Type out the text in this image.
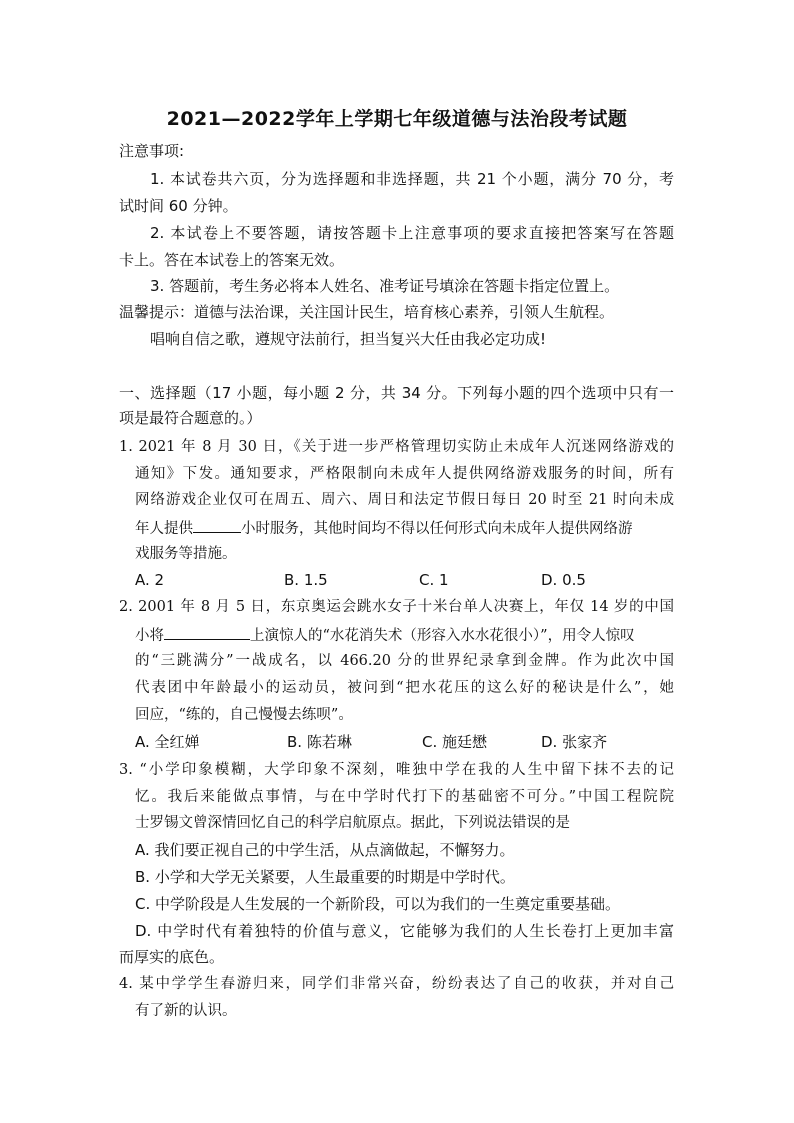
2021—2022学年上学期七年级道德与法治段考试题
注意事项:
1. 本试卷共六页，分为选择题和非选择题，共 21 个小题，满分 70 分，考
试时间 60 分钟。
2. 本试卷上不要答题，请按答题卡上注意事项的要求直接把答案写在答题
卡上。答在本试卷上的答案无效。
3. 答题前，考生务必将本人姓名、准考证号填涂在答题卡指定位置上。
温馨提示：道德与法治课，关注国计民生，培育核心素养，引领人生航程。
唱响自信之歌，遵规守法前行，担当复兴大任由我必定功成!
一、选择题（17 小题，每小题 2 分，共 34 分。下列每小题的四个选项中只有一
项是最符合题意的。）
1. 2021 年 8 月 30 日，《关于进一步严格管理切实防止未成年人沉迷网络游戏的
通知》下发。通知要求，严格限制向未成年人提供网络游戏服务的时间，所有
网络游戏企业仅可在周五、周六、周日和法定节假日每日 20 时至 21 时向未成
年人提供	小时服务，其他时间均不得以任何形式向未成年人提供网络游
戏服务等措施。
A. 2	B. 1.5	C. 1	D. 0.5
2. 2001 年 8 月 5 日，东京奥运会跳水女子十米台单人决赛上，年仅 14 岁的中国
小将	上演惊人的“水花消失术（形容入水水花很小）”，用令人惊叹
的“三跳满分”一战成名，以 466.20 分的世界纪录拿到金牌。作为此次中国
代表团中年龄最小的运动员，被问到“把水花压的这么好的秘诀是什么”，她
回应，“练的，自己慢慢去练呗”。
A. 全红婵	B. 陈若琳	C. 施廷懋	D. 张家齐
3. “小学印象模糊，大学印象不深刻，唯独中学在我的人生中留下抹不去的记
忆。我后来能做点事情，与在中学时代打下的基础密不可分。”中国工程院院
士罗锡文曾深情回忆自己的科学启航原点。据此，下列说法错误的是
A. 我们要正视自己的中学生活，从点滴做起，不懈努力。
B. 小学和大学无关紧要，人生最重要的时期是中学时代。
C. 中学阶段是人生发展的一个新阶段，可以为我们的一生奠定重要基础。
D. 中学时代有着独特的价值与意义，它能够为我们的人生长卷打上更加丰富
而厚实的底色。
4. 某中学学生春游归来，同学们非常兴奋，纷纷表达了自己的收获，并对自己
有了新的认识。
